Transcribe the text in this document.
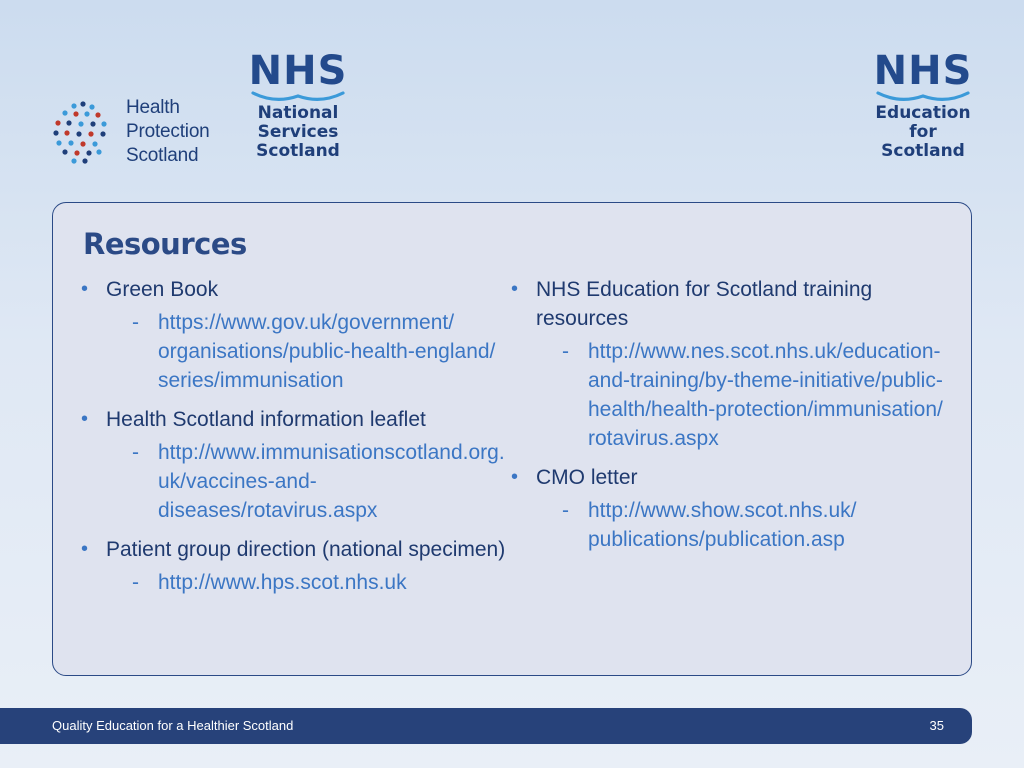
Health
Protection
Scotland
NHS
National
Services
Scotland
NHS
Education
for
Scotland
Resources
• Green Book
- https://www.gov.uk/government/ organisations/public-health-england/ series/immunisation
• Health Scotland information leaflet
- http://www.immunisationscotland.org. uk/vaccines-and-diseases/rotavirus.aspx
• Patient group direction (national specimen)
- http://www.hps.scot.nhs.uk
• NHS Education for Scotland training resources
- http://www.nes.scot.nhs.uk/education-and-training/by-theme-initiative/public-health/health-protection/immunisation/ rotavirus.aspx
• CMO letter
- http://www.show.scot.nhs.uk/ publications/publication.asp
Quality Education for a Healthier Scotland	35
